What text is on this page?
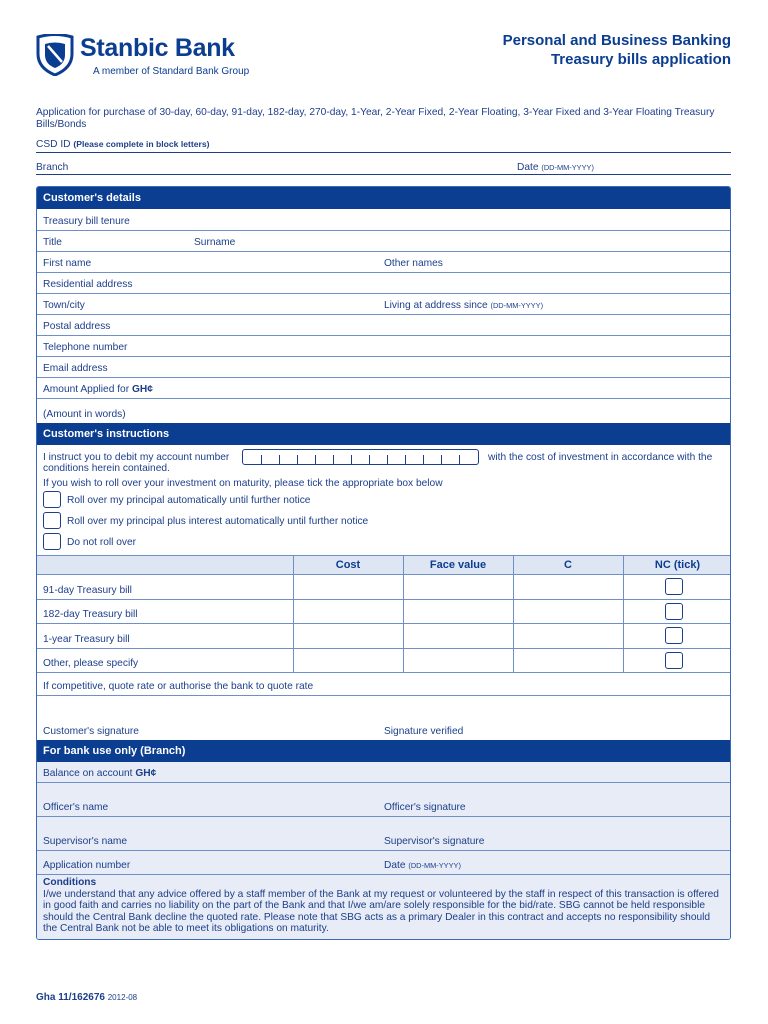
Stanbic Bank
A member of Standard Bank Group
Personal and Business Banking
Treasury bills application
Application for purchase of 30-day, 60-day, 91-day, 182-day, 270-day, 1-Year, 2-Year Fixed, 2-Year Floating, 3-Year Fixed and 3-Year Floating Treasury Bills/Bonds
CSD ID (Please complete in block letters)
Branch	Date (DD-MM-YYYY)
Customer's details
Treasury bill tenure
Title	Surname
First name	Other names
Residential address
Town/city	Living at address since (DD-MM-YYYY)
Postal address
Telephone number
Email address
Amount Applied for GH¢
(Amount in words)
Customer's instructions
I instruct you to debit my account number	with the cost of investment in accordance with the
conditions herein contained.
If you wish to roll over your investment on maturity, please tick the appropriate box below
Roll over my principal automatically until further notice
Roll over my principal plus interest automatically until further notice
Do not roll over
Cost	Face value	C	NC (tick)
91-day Treasury bill
182-day Treasury bill
1-year Treasury bill
Other, please specify
If competitive, quote rate or authorise the bank to quote rate
Customer's signature	Signature verified
For bank use only (Branch)
Balance on account GH¢
Officer's name	Officer's signature
Supervisor's name	Supervisor's signature
Application number	Date (DD-MM-YYYY)
Conditions
I/we understand that any advice offered by a staff member of the Bank at my request or volunteered by the staff in respect of this transaction is offered in good faith and carries no liability on the part of the Bank and that I/we am/are solely responsible for the bid/rate. SBG cannot be held responsible should the Central Bank decline the quoted rate. Please note that SBG acts as a primary Dealer in this contract and accepts no responsibility should the Central Bank not be able to meet its obligations on maturity.
Gha 11/162676 2012-08
